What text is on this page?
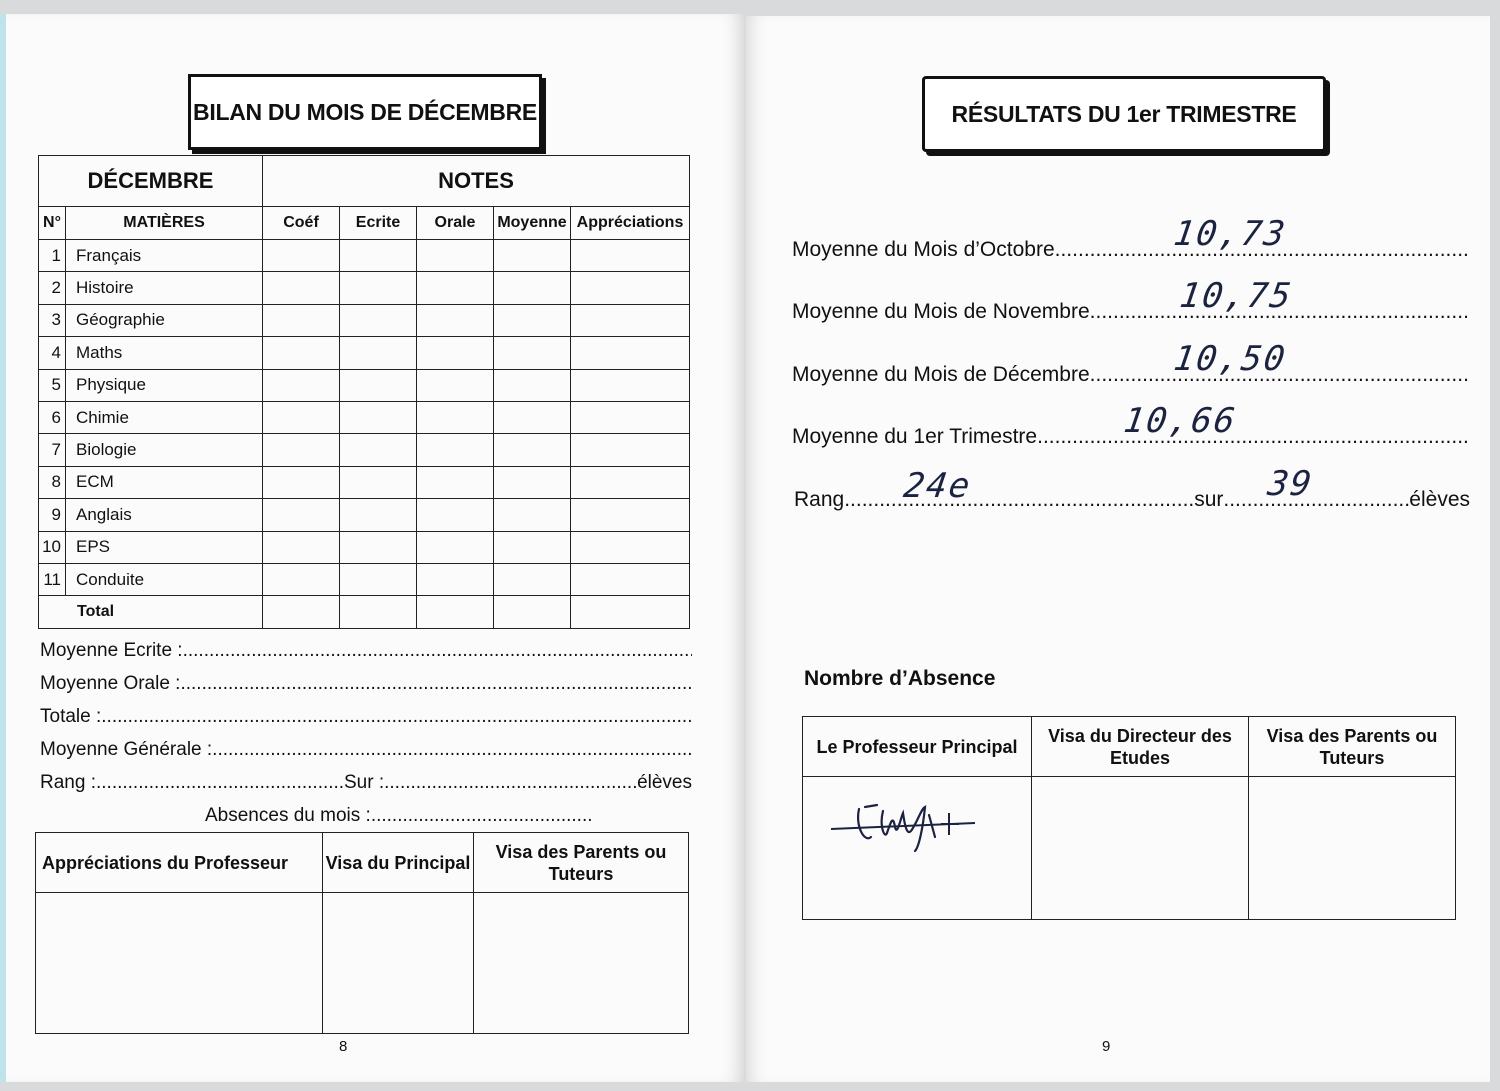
BILAN DU MOIS DE DÉCEMBRE
DÉCEMBRE		NOTES				
N°	MATIÈRES	Coéf	Ecrite	Orale	Moyenne	Appréciations
1	Français					
2	Histoire					
3	Géographie					
4	Maths					
5	Physique					
6	Chimie					
7	Biologie					
8	ECM					
9	Anglais					
10	EPS					
11	Conduite					
Total						
Moyenne Ecrite :
.....
Moyenne Orale :
.....
Totale :
.....
Moyenne Générale :
.....
Rang : .....	Sur : .....	élèves
Absences du mois :
.....
Appréciations du Professeur	Visa du Principal	Visa des Parents ou Tuteurs

8
RÉSULTATS DU 1er TRIMESTRE
Moyenne du Mois d’Octobre .....	10,73
Moyenne du Mois de Novembre .....	10,75
Moyenne du Mois de Décembre ..... 10,50
Moyenne du 1er Trimestre ..... 10,66
Rang .....	sur .....	élèves
24e	39
Nombre d’Absence
Le Professeur Principal	Visa du Directeur des Etudes	Visa des Parents ou Tuteurs

9
